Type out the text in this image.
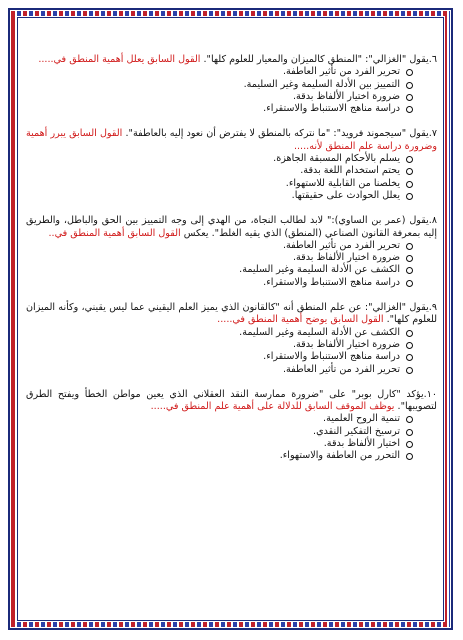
٦.يقول "الغزالي": "المنطق كالميزان والمعيار للعلوم كلها". القول السابق يعلل أهمية المنطق في.....
تحرير الفرد من تأثير العاطفة.
التمييز بين الأدلة السليمة وغير السليمة.
ضرورة اختيار الألفاظ بدقة.
دراسة مناهج الاستنباط والاستقراء.
٧.يقول "سيجموند فرويد": "ما نتركه بالمنطق لا يفترض أن نعود إليه بالعاطفة". القول السابق يبرر أهمية وضرورة دراسة علم المنطق لأنه.....
يسلم بالأحكام المسبقة الجاهزة.
يحتم استخدام اللغة بدقة.
يخلصنا من القابلية للاستهواء.
يعلل الحوادث على حقيقتها.
٨.يقول (عمر بن الساوي):" لابد لطالب النجاة، من الهدي إلى وجه التمييز بين الحق والباطل، والطريق إليه بمعرفة القانون الصناعي (المنطق) الذي يقيه الغلط". يعكس القول السابق أهمية المنطق في..
تحرير الفرد من تأثير العاطفة.
ضرورة اختيار الألفاظ بدقة.
الكشف عن الأدلة السليمة وغير السليمة.
دراسة مناهج الاستنباط والاستقراء.
٩.يقول "الغزالي": عن علم المنطق أنه "كالقانون الذي يميز العلم اليقيني عما ليس يقيني، وكأنه الميزان للعلوم كلها". القول السابق يوضح أهمية المنطق في.....
الكشف عن الأدلة السليمة وغير السليمة.
ضرورة اختيار الألفاظ بدقة.
دراسة مناهج الاستنباط والاستقراء.
تحرير الفرد من تأثير العاطفة.
١٠.يؤكد "كارل بوبر" على "ضرورة ممارسة النقد العقلاني الذي يعين مواطن الخطأ ويفتح الطرق لتصويبها". يوظف الموقف السابق للدلالة على أهمية علم المنطق في.....
تنمية الروح العلمية.
ترسيخ التفكير النقدي.
اختيار الألفاظ بدقة.
التحرر من العاطفة والاستهواء.
